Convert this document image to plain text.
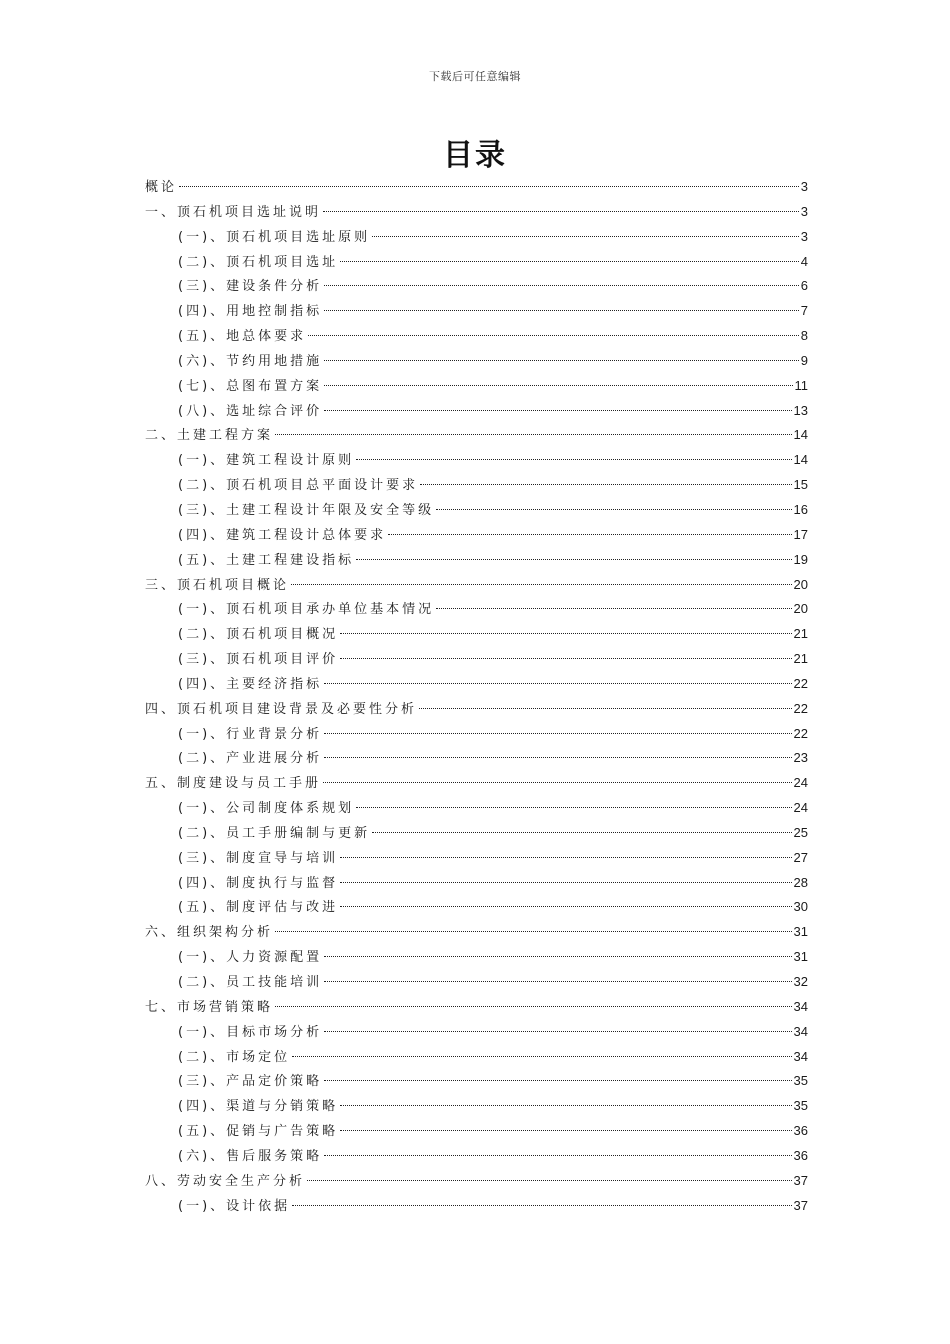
下载后可任意编辑
目录
概论	3
一、顶石机项目选址说明	3
(一)、顶石机项目选址原则	3
(二)、顶石机项目选址	4
(三)、建设条件分析	6
(四)、用地控制指标	7
(五)、地总体要求	8
(六)、节约用地措施	9
(七)、总图布置方案	11
(八)、选址综合评价	13
二、土建工程方案	14
(一)、建筑工程设计原则	14
(二)、顶石机项目总平面设计要求	15
(三)、土建工程设计年限及安全等级	16
(四)、建筑工程设计总体要求	17
(五)、土建工程建设指标	19
三、顶石机项目概论	20
(一)、顶石机项目承办单位基本情况	20
(二)、顶石机项目概况	21
(三)、顶石机项目评价	21
(四)、主要经济指标	22
四、顶石机项目建设背景及必要性分析	22
(一)、行业背景分析	22
(二)、产业进展分析	23
五、制度建设与员工手册	24
(一)、公司制度体系规划	24
(二)、员工手册编制与更新	25
(三)、制度宣导与培训	27
(四)、制度执行与监督	28
(五)、制度评估与改进	30
六、组织架构分析	31
(一)、人力资源配置	31
(二)、员工技能培训	32
七、市场营销策略	34
(一)、目标市场分析	34
(二)、市场定位	34
(三)、产品定价策略	35
(四)、渠道与分销策略	35
(五)、促销与广告策略	36
(六)、售后服务策略	36
八、劳动安全生产分析	37
(一)、设计依据	37
